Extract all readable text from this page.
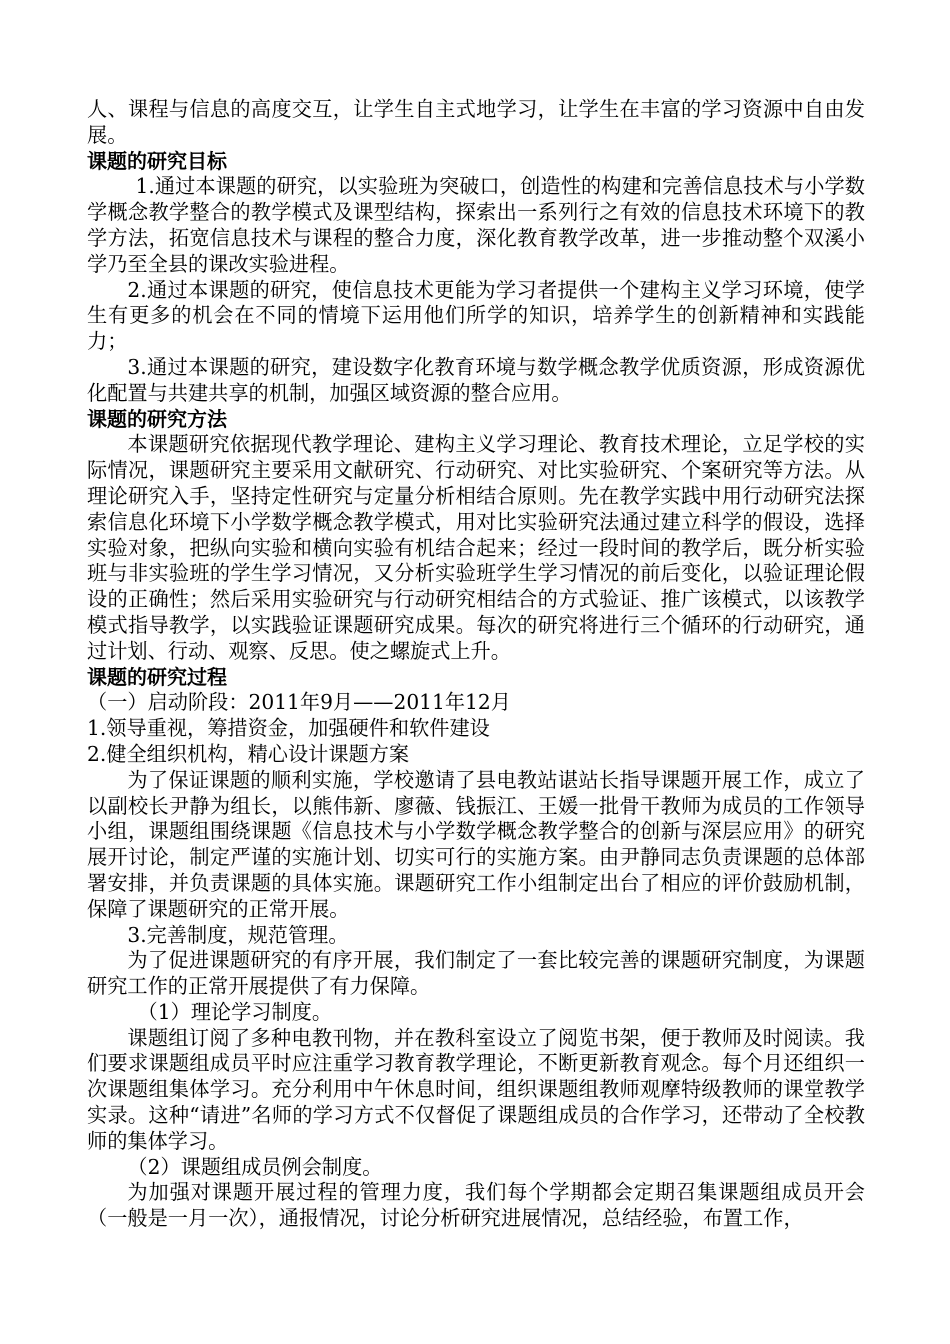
人、课程与信息的高度交互，让学生自主式地学习，让学生在丰富的学习资源中自由发展。

课题的研究目标

1.通过本课题的研究，以实验班为突破口，创造性的构建和完善信息技术与小学数学概念教学整合的教学模式及课型结构，探索出一系列行之有效的信息技术环境下的教学方法，拓宽信息技术与课程的整合力度，深化教育教学改革，进一步推动整个双溪小学乃至全县的课改实验进程。

2.通过本课题的研究，使信息技术更能为学习者提供一个建构主义学习环境，使学生有更多的机会在不同的情境下运用他们所学的知识，培养学生的创新精神和实践能力；

3.通过本课题的研究，建设数字化教育环境与数学概念教学优质资源，形成资源优化配置与共建共享的机制，加强区域资源的整合应用。

课题的研究方法

本课题研究依据现代教学理论、建构主义学习理论、教育技术理论，立足学校的实际情况，课题研究主要采用文献研究、行动研究、对比实验研究、个案研究等方法。从理论研究入手，坚持定性研究与定量分析相结合原则。先在教学实践中用行动研究法探索信息化环境下小学数学概念教学模式，用对比实验研究法通过建立科学的假设，选择实验对象，把纵向实验和横向实验有机结合起来；经过一段时间的教学后，既分析实验班与非实验班的学生学习情况，又分析实验班学生学习情况的前后变化，以验证理论假设的正确性；然后采用实验研究与行动研究相结合的方式验证、推广该模式，以该教学模式指导教学，以实践验证课题研究成果。每次的研究将进行三个循环的行动研究，通过计划、行动、观察、反思。使之螺旋式上升。

课题的研究过程

（一）启动阶段：2011年9月——2011年12月

1.领导重视，筹措资金，加强硬件和软件建设

2.健全组织机构，精心设计课题方案

为了保证课题的顺利实施，学校邀请了县电教站谌站长指导课题开展工作，成立了以副校长尹静为组长，以熊伟新、廖薇、钱振江、王媛一批骨干教师为成员的工作领导小组，课题组围绕课题《信息技术与小学数学概念教学整合的创新与深层应用》的研究展开讨论，制定严谨的实施计划、切实可行的实施方案。由尹静同志负责课题的总体部署安排，并负责课题的具体实施。课题研究工作小组制定出台了相应的评价鼓励机制，保障了课题研究的正常开展。

3.完善制度，规范管理。

为了促进课题研究的有序开展，我们制定了一套比较完善的课题研究制度，为课题研究工作的正常开展提供了有力保障。

（1）理论学习制度。

课题组订阅了多种电教刊物，并在教科室设立了阅览书架，便于教师及时阅读。我们要求课题组成员平时应注重学习教育教学理论，不断更新教育观念。每个月还组织一次课题组集体学习。充分利用中午休息时间，组织课题组教师观摩特级教师的课堂教学实录。这种“请进”名师的学习方式不仅督促了课题组成员的合作学习，还带动了全校教师的集体学习。

（2）课题组成员例会制度。

为加强对课题开展过程的管理力度，我们每个学期都会定期召集课题组成员开会（一般是一月一次），通报情况，讨论分析研究进展情况，总结经验，布置工作，
